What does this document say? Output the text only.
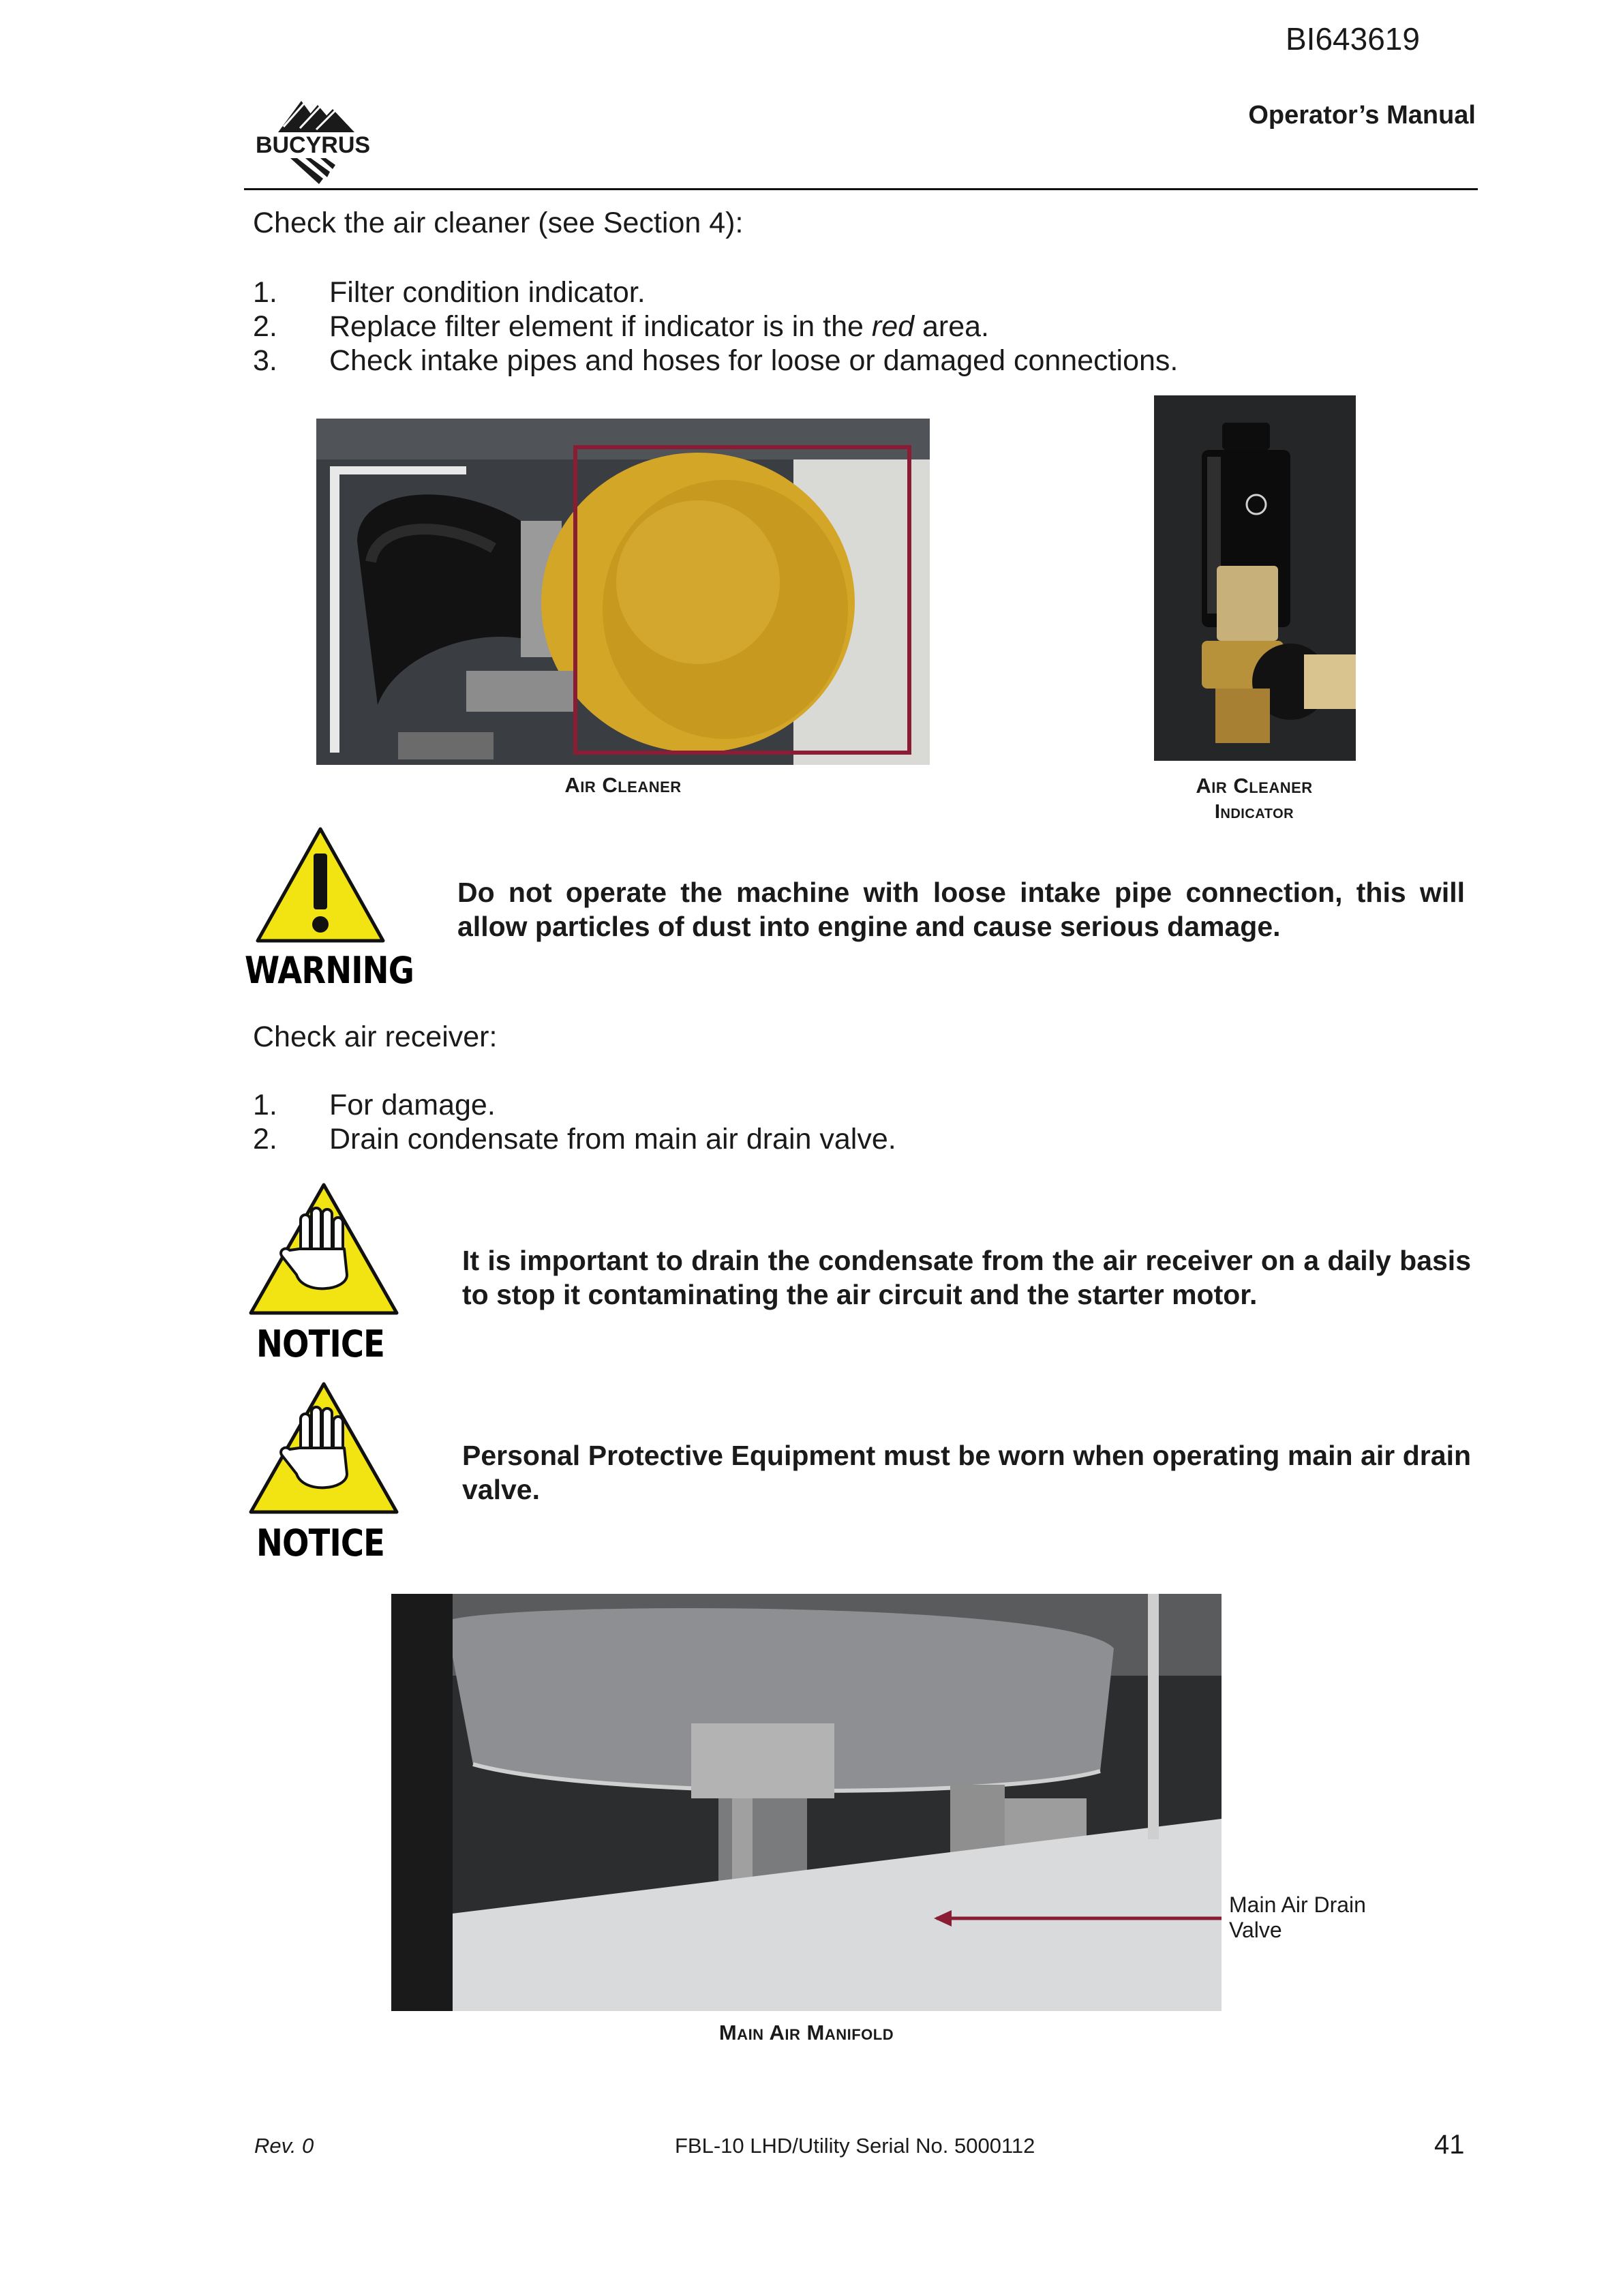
BI643619
Operator’s Manual
BUCYRUS
Check the air cleaner (see Section 4):
1. Filter condition indicator.
2. Replace filter element if indicator is in the red area.
3. Check intake pipes and hoses for loose or damaged connections.
Air Cleaner	Air Cleaner
Indicator
WARNING
Do not operate the machine with loose intake pipe connection, this will allow particles of dust into engine and cause serious damage.
Check air receiver:
1. For damage.
2. Drain condensate from main air drain valve.
NOTICE
It is important to drain the condensate from the air receiver on a daily basis to stop it contaminating the air circuit and the starter motor.
NOTICE
Personal Protective Equipment must be worn when operating main air drain valve.
Main Air Drain
Valve
Main Air Manifold
Rev. 0	FBL-10 LHD/Utility Serial No. 5000112	41
